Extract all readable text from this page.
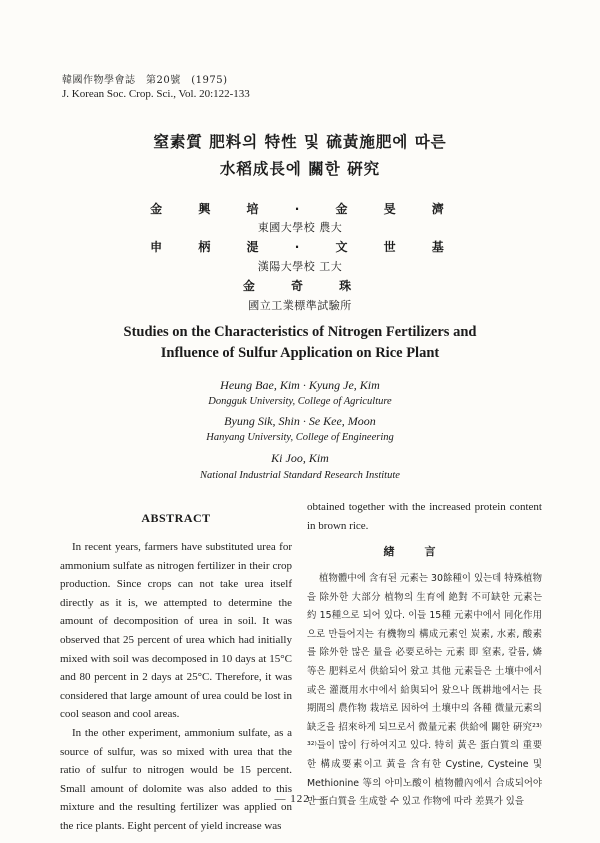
韓國作物學會誌　第20號　(1975)
J. Korean Soc. Crop. Sci., Vol. 20:122-133
窒素質 肥料의 特性 및 硫黃施肥에 따른
水稻成長에 關한 硏究
金 興 培 · 金 旻 濟
東國大學校 農大
申 柄 湜 · 文 世 基
漢陽大學校 工大
金 奇 珠
國立工業標準試驗所
Studies on the Characteristics of Nitrogen Fertilizers and
Influence of Sulfur Application on Rice Plant
Heung Bae, Kim · Kyung Je, Kim
Dongguk University, College of Agriculture
Byung Sik, Shin · Se Kee, Moon
Hanyang University, College of Engineering
Ki Joo, Kim
National Industrial Standard Research Institute
ABSTRACT

In recent years, farmers have substituted urea for ammonium sulfate as nitrogen fertilizer in their crop production. Since crops can not take urea itself directly as it is, we attempted to determine the amount of decomposition of urea in soil. It was observed that 25 percent of urea which had initially mixed with soil was decomposed in 10 days at 15°C and 80 percent in 2 days at 25°C. Therefore, it was considered that large amount of urea could be lost in cool season and cool areas.

In the other experiment, ammonium sulfate, as a source of sulfur, was so mixed with urea that the ratio of sulfur to nitrogen would be 15 percent. Small amount of dolomite was also added to this mixture and the resulting fertilizer was applied on the rice plants. Eight percent of yield increase was

obtained together with the increased protein content in brown rice.

緖言

植物體中에 含有된 元素는 30餘種이 있는데 特殊植物을 除外한 大部分 植物의 生育에 絶對 不可缺한 元素는 約 15種으로 되어 있다. 이들 15種 元素中에서 同化作用으로 만들어지는 有機物의 構成元素인 炭素, 水素, 酸素를 除外한 많은 量을 必要로하는 元素 即 窒素, 칼륨, 燐等은 肥料로서 供給되어 왔고 其他 元素들은 土壤中에서 或은 灌漑用水中에서 給與되어 왔으나 旣耕地에서는 長期間의 農作物 栽培로 因하여 土壤中의 各種 微量元素의 缺乏을 招來하게 되므로서 微量元素 供給에 關한 硏究²³⁾³²⁾들이 많이 行하여지고 있다. 特히 黃은 蛋白質의 重要한 構成要素이고 黃을 含有한 Cystine, Cysteine 및 Methionine 等의 아미노酸이 植物體內에서 合成되어야만 蛋白質을 生成할 수 있고 作物에 따라 差異가 있을

— 122 —
